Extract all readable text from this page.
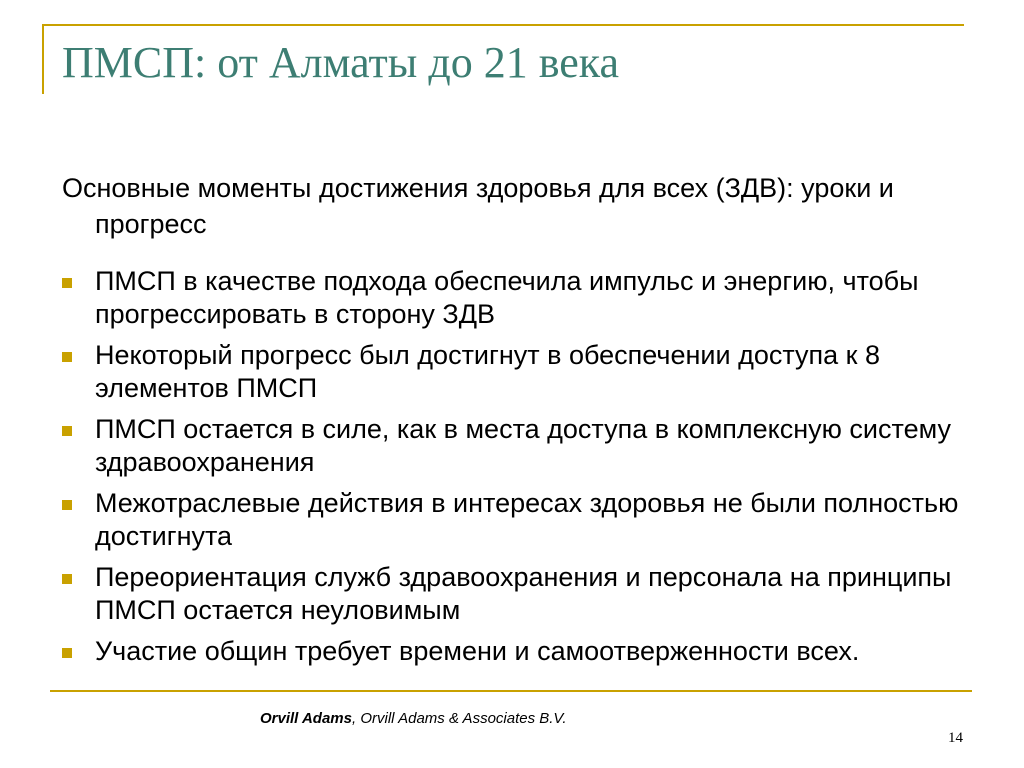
ПМСП: от Алматы до 21 века

Основные моменты достижения здоровья для всех (ЗДВ): уроки и прогресс

ПМСП в качестве подхода обеспечила импульс и энергию, чтобы прогрессировать в сторону ЗДВ
Некоторый прогресс был достигнут в обеспечении доступа к 8 элементов ПМСП
ПМСП остается в силе, как в места доступа в комплексную систему здравоохранения
Межотраслевые действия в интересах здоровья не были полностью достигнута
Переориентация служб здравоохранения и персонала на принципы ПМСП остается неуловимым
Участие общин требует времени и самоотверженности всех.
Orvill Adams, Orvill Adams & Associates B.V.
14
